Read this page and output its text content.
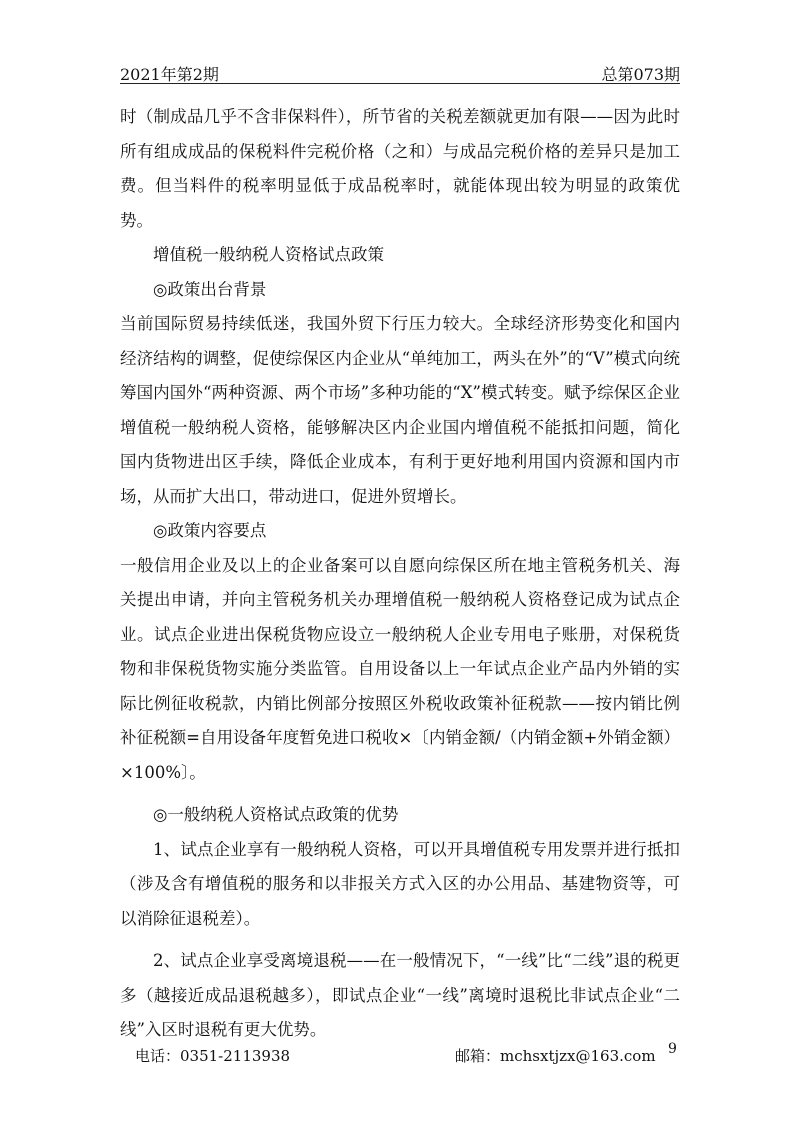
2021年第2期	总第073期

时（制成品几乎不含非保料件），所节省的关税差额就更加有限——因为此时所有组成成品的保税料件完税价格（之和）与成品完税价格的差异只是加工费。但当料件的税率明显低于成品税率时，就能体现出较为明显的政策优势。

增值税一般纳税人资格试点政策

◎政策出台背景

当前国际贸易持续低迷，我国外贸下行压力较大。全球经济形势变化和国内经济结构的调整，促使综保区内企业从“单纯加工，两头在外”的“V”模式向统筹国内国外“两种资源、两个市场”多种功能的“X”模式转变。赋予综保区企业增值税一般纳税人资格，能够解决区内企业国内增值税不能抵扣问题，简化国内货物进出区手续，降低企业成本，有利于更好地利用国内资源和国内市场，从而扩大出口，带动进口，促进外贸增长。

◎政策内容要点

一般信用企业及以上的企业备案可以自愿向综保区所在地主管税务机关、海关提出申请，并向主管税务机关办理增值税一般纳税人资格登记成为试点企业。试点企业进出保税货物应设立一般纳税人企业专用电子账册，对保税货物和非保税货物实施分类监管。自用设备以上一年试点企业产品内外销的实际比例征收税款，内销比例部分按照区外税收政策补征税款——按内销比例补征税额=自用设备年度暂免进口税收×〔内销金额/（内销金额+外销金额）×100%〕。

◎一般纳税人资格试点政策的优势

1、试点企业享有一般纳税人资格，可以开具增值税专用发票并进行抵扣（涉及含有增值税的服务和以非报关方式入区的办公用品、基建物资等，可以消除征退税差）。

2、试点企业享受离境退税——在一般情况下，“一线”比“二线”退的税更多（越接近成品退税越多），即试点企业“一线”离境时退税比非试点企业“二线”入区时退税有更大优势。

电话：0351-2113938	邮箱：mchsxtjzx@163.com 9
